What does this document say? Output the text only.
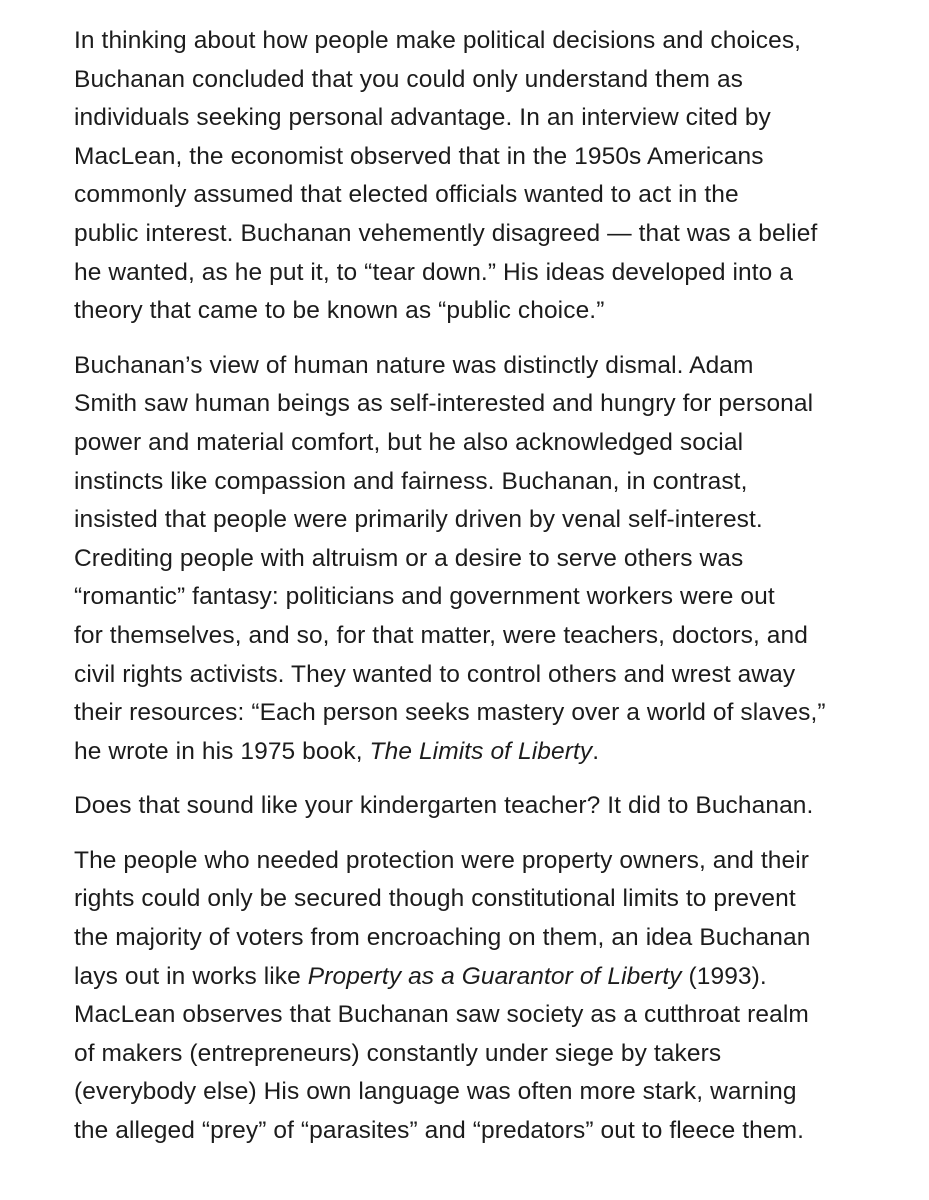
In thinking about how people make political decisions and choices,
Buchanan concluded that you could only understand them as
individuals seeking personal advantage. In an interview cited by
MacLean, the economist observed that in the 1950s Americans
commonly assumed that elected officials wanted to act in the
public interest. Buchanan vehemently disagreed — that was a belief
he wanted, as he put it, to “tear down.” His ideas developed into a
theory that came to be known as “public choice.”

Buchanan’s view of human nature was distinctly dismal. Adam
Smith saw human beings as self-interested and hungry for personal
power and material comfort, but he also acknowledged social
instincts like compassion and fairness. Buchanan, in contrast,
insisted that people were primarily driven by venal self-interest.
Crediting people with altruism or a desire to serve others was
“romantic” fantasy: politicians and government workers were out
for themselves, and so, for that matter, were teachers, doctors, and
civil rights activists. They wanted to control others and wrest away
their resources: “Each person seeks mastery over a world of slaves,”
he wrote in his 1975 book, The Limits of Liberty.

Does that sound like your kindergarten teacher? It did to Buchanan.

The people who needed protection were property owners, and their
rights could only be secured though constitutional limits to prevent
the majority of voters from encroaching on them, an idea Buchanan
lays out in works like Property as a Guarantor of Liberty (1993).
MacLean observes that Buchanan saw society as a cutthroat realm
of makers (entrepreneurs) constantly under siege by takers
(everybody else) His own language was often more stark, warning
the alleged “prey” of “parasites” and “predators” out to fleece them.
